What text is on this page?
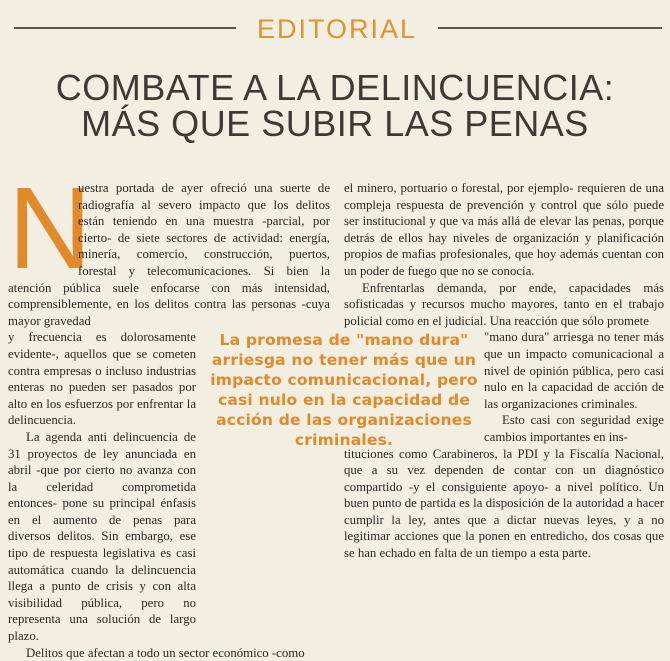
EDITORIAL
COMBATE A LA DELINCUENCIA:
MÁS QUE SUBIR LAS PENAS

N
uestra portada de ayer ofreció una suerte de radiografía al severo impacto que los delitos están teniendo en una muestra -parcial, por cierto- de siete sectores de actividad: energía, minería, comercio, construcción, puertos, forestal y telecomunicaciones. Si bien la atención pública suele enfocarse con más intensidad, comprensiblemente, en los delitos contra las personas -cuya mayor gravedad

y frecuencia es dolorosamente evidente-, aquellos que se cometen contra empresas o incluso industrias enteras no pueden ser pasados por alto en los esfuerzos por enfrentar la delincuencia.

La agenda anti delincuencia de 31 proyectos de ley anunciada en abril -que por cierto no avanza con la celeridad comprometida entonces- pone su principal énfasis en el aumento de penas para diversos delitos. Sin embargo, ese tipo de respuesta legislativa es casi automática cuando la delincuencia llega a punto de crisis y con alta visibilidad pública, pero no representa una solución de largo plazo.

Delitos que afectan a todo un sector económico -como

el minero, portuario o forestal, por ejemplo- requieren de una compleja respuesta de prevención y control que sólo puede ser institucional y que va más allá de elevar las penas, porque detrás de ellos hay niveles de organización y planificación propios de mafias profesionales, que hoy además cuentan con un poder de fuego que no se conocía.

Enfrentarlas demanda, por ende, capacidades más sofisticadas y recursos mucho mayores, tanto en el trabajo policial como en el judicial. Una reacción que sólo promete

"mano dura" arriesga no tener más que un impacto comunicacional a nivel de opinión pública, pero casi nulo en la capacidad de acción de las organizaciones criminales.

Esto casi con seguridad exige cambios importantes en ins-

tituciones como Carabineros, la PDI y la Fiscalía Nacional, que a su vez dependen de contar con un diagnóstico compartido -y el consiguiente apoyo- a nivel político. Un buen punto de partida es la disposición de la autoridad a hacer cumplir la ley, antes que a dictar nuevas leyes, y a no legitimar acciones que la ponen en entredicho, dos cosas que se han echado en falta de un tiempo a esta parte.

La promesa de "mano dura" arriesga no tener más que un impacto comunicacional, pero casi nulo en la capacidad de acción de las organizaciones criminales.
